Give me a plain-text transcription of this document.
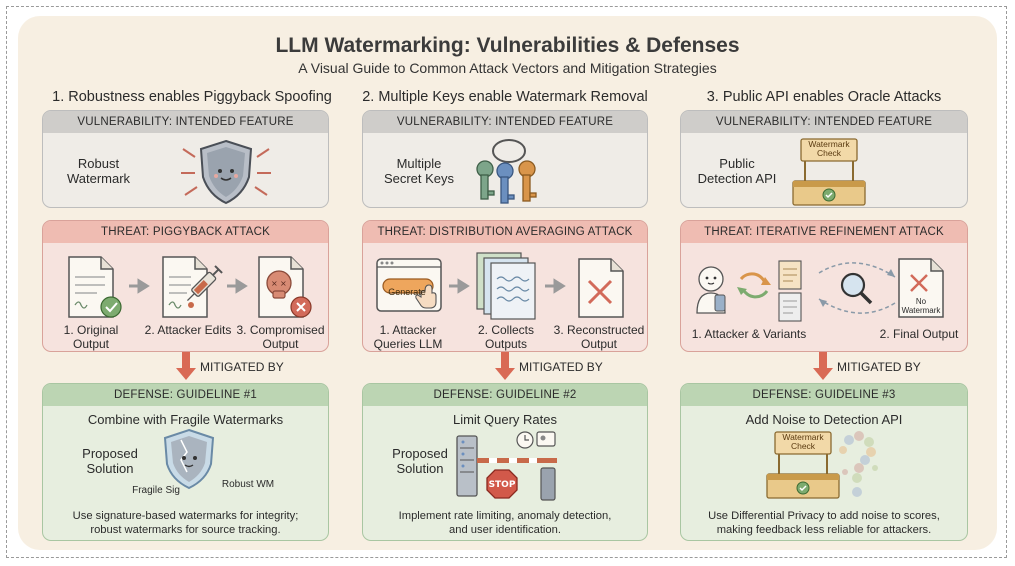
LLM Watermarking: Vulnerabilities & Defenses
A Visual Guide to Common Attack Vectors and Mitigation Strategies
1. Robustness enables Piggyback Spoofing
VULNERABILITY: INTENDED FEATURE
Robust Watermark
THREAT: PIGGYBACK ATTACK
× ×
1. Original Output
2. Attacker Edits 3. Compromised Output
MITIGATED BY
DEFENSE: GUIDELINE #1
Combine with Fragile Watermarks
Proposed Solution
Fragile Sig
Robust WM
Use signature-based watermarks for integrity;
robust watermarks for source tracking.
2. Multiple Keys enable Watermark Removal
VULNERABILITY: INTENDED FEATURE
Multiple Secret Keys
THREAT: DISTRIBUTION AVERAGING ATTACK
Generate
1. Attacker Queries LLM
2. Collects Outputs
3. Reconstructed Output
MITIGATED BY
DEFENSE: GUIDELINE #2
Limit Query Rates
Proposed Solution
STOP
Implement rate limiting, anomaly detection,
and user identification.
3. Public API enables Oracle Attacks
VULNERABILITY: INTENDED FEATURE
Public Detection API
Watermark Check
THREAT: ITERATIVE REFINEMENT ATTACK
No Watermark
1. Attacker & Variants	2. Final Output
MITIGATED BY
DEFENSE: GUIDELINE #3
Add Noise to Detection API
Watermark Check
Use Differential Privacy to add noise to scores,
making feedback less reliable for attackers.
